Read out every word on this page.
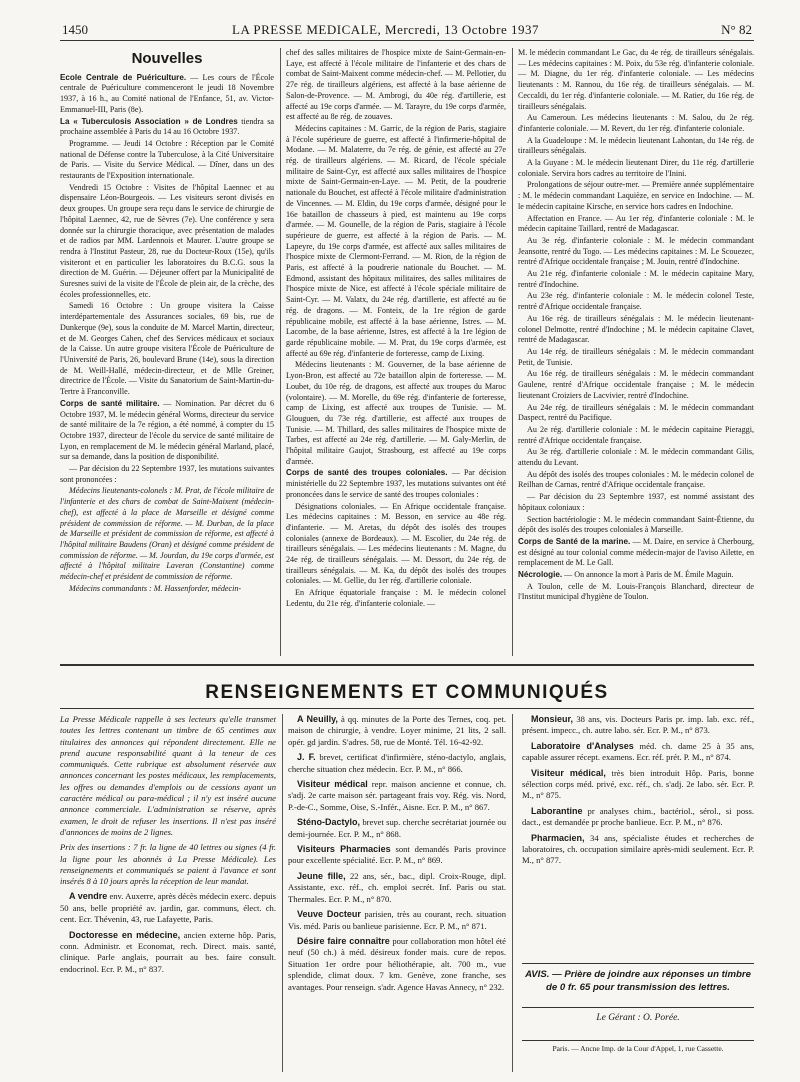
1450	LA PRESSE MEDICALE, Mercredi, 13 Octobre 1937	N° 82
Nouvelles

Ecole Centrale de Puériculture. — Les cours de l'École centrale de Puériculture commenceront le jeudi 18 Novembre 1937, à 16 h., au Comité national de l'Enfance, 51, av. Victor-Emmanuel-III, Paris (8e).

La « Tuberculosis Association » de Londres tiendra sa prochaine assemblée à Paris du 14 au 16 Octobre 1937.

Programme. — Jeudi 14 Octobre : Réception par le Comité national de Défense contre la Tuberculose, à la Cité Universitaire de Paris. — Visite du Service Médical. — Dîner, dans un des restaurants de l'Exposition internationale.

Vendredi 15 Octobre : Visites de l'hôpital Laennec et au dispensaire Léon-Bourgeois. — Les visiteurs seront divisés en deux groupes. Un groupe sera reçu dans le service de chirurgie de l'hôpital Laennec, 42, rue de Sèvres (7e). Une conférence y sera donnée sur la chirurgie thoracique, avec présentation de malades et de radios par MM. Lardennois et Maurer. L'autre groupe se rendra à l'Institut Pasteur, 28, rue du Docteur-Roux (15e), qu'ils visiteront et en particulier les laboratoires du B.C.G. sous la direction de M. Guérin. — Déjeuner offert par la Municipalité de Suresnes suivi de la visite de l'École de plein air, de la crèche, des écoles professionnelles, etc.

Samedi 16 Octobre : Un groupe visitera la Caisse interdépartementale des Assurances sociales, 69 bis, rue de Dunkerque (9e), sous la conduite de M. Marcel Martin, directeur, et de M. Georges Cahen, chef des Services médicaux et sociaux de la Caisse. Un autre groupe visitera l'École de Puériculture de l'Université de Paris, 26, boulevard Brune (14e), sous la direction de M. Weill-Hallé, médecin-directeur, et de Mlle Greiner, directrice de l'École. — Visite du Sanatorium de Saint-Martin-du-Tertre à Franconville.

Corps de santé militaire. — Nomination. Par décret du 6 Octobre 1937, M. le médecin général Worms, directeur du service de santé militaire de la 7e région, a été nommé, à compter du 15 Octobre 1937, directeur de l'école du service de santé militaire de Lyon, en remplacement de M. le médecin général Marland, placé, sur sa demande, dans la position de disponibilité.

— Par décision du 22 Septembre 1937, les mutations suivantes sont prononcées :

Médecins lieutenants-colonels : M. Prat, de l'école militaire de l'infanterie et des chars de combat de Saint-Maixent (médecin-chef), est affecté à la place de Marseille et désigné comme président de commission de réforme. — M. Durban, de la place de Marseille et président de commission de réforme, est affecté à l'hôpital militaire Baudens (Oran) et désigné comme président de commission de réforme. — M. Jourdan, du 19e corps d'armée, est affecté à l'hôpital militaire Laveran (Constantine) comme médecin-chef et président de commission de réforme.

Médecins commandants : M. Hassenforder, médecin-

chef des salles militaires de l'hospice mixte de Saint-Germain-en-Laye, est affecté à l'école militaire de l'infanterie et des chars de combat de Saint-Maixent comme médecin-chef. — M. Pellotier, du 27e rég. de tirailleurs algériens, est affecté à la base aérienne de Salon-de-Provence. — M. Ambrogi, du 40e rég. d'artillerie, est affecté au 19e corps d'armée. — M. Tarayre, du 19e corps d'armée, est affecté au 8e rég. de zouaves.

Médecins capitaines : M. Garric, de la région de Paris, stagiaire à l'école supérieure de guerre, est affecté à l'infirmerie-hôpital de Modane. — M. Malaterre, du 7e rég. de génie, est affecté au 27e rég. de tirailleurs algériens. — M. Ricard, de l'école spéciale militaire de Saint-Cyr, est affecté aux salles militaires de l'hospice mixte de Saint-Germain-en-Laye. — M. Petit, de la poudrerie nationale du Bouchet, est affecté à l'école militaire d'administration de Vincennes. — M. Eldin, du 19e corps d'armée, désigné pour le 16e bataillon de chasseurs à pied, est maintenu au 19e corps d'armée. — M. Gounelle, de la région de Paris, stagiaire à l'école supérieure de guerre, est affecté à la région de Paris. — M. Lapeyre, du 19e corps d'armée, est affecté aux salles militaires de l'hospice mixte de Clermont-Ferrand. — M. Rion, de la région de Paris, est affecté à la poudrerie nationale du Bouchet. — M. Edmond, assistant des hôpitaux militaires, des salles militaires de l'hospice mixte de Nice, est affecté à l'école spéciale militaire de Saint-Cyr. — M. Valatx, du 24e rég. d'artillerie, est affecté au 6e rég. de dragons. — M. Fonteix, de la 1re région de garde républicaine mobile, est affecté à la base aérienne, Istres. — M. Lacombe, de la base aérienne, Istres, est affecté à la 1re légion de garde républicaine mobile. — M. Prat, du 19e corps d'armée, est affecté au 69e rég. d'infanterie de forteresse, camp de Lixing.

Médecins lieutenants : M. Gouverner, de la base aérienne de Lyon-Bron, est affecté au 72e bataillon alpin de forteresse. — M. Loubet, du 10e rég. de dragons, est affecté aux troupes du Maroc (volontaire). — M. Morelle, du 69e rég. d'infanterie de forteresse, camp de Lixing, est affecté aux troupes de Tunisie. — M. Glouguen, du 73e rég. d'artillerie, est affecté aux troupes de Tunisie. — M. Thillard, des salles militaires de l'hospice mixte de Tarbes, est affecté au 24e rég. d'artillerie. — M. Galy-Merlin, de l'hôpital militaire Gaujot, Strasbourg, est affecté au 19e corps d'armée.

Corps de santé des troupes coloniales. — Par décision ministérielle du 22 Septembre 1937, les mutations suivantes ont été prononcées dans le service de santé des troupes coloniales :

Désignations coloniales. — En Afrique occidentale française. Les médecins capitaines : M. Besson, en service au 48e rég. d'infanterie. — M. Aretas, du dépôt des isolés des troupes coloniales (annexe de Bordeaux). — M. Escolier, du 24e rég. de tirailleurs sénégalais. — Les médecins lieutenants : M. Magne, du 24e rég. de tirailleurs sénégalais. — M. Dessort, du 24e rég. de tirailleurs sénégalais. — M. Ka, du dépôt des isolés des troupes coloniales. — M. Gellie, du 1er rég. d'artillerie coloniale.

En Afrique équatoriale française : M. le médecin colonel Ledentu, du 21e rég. d'infanterie coloniale. —

M. le médecin commandant Le Gac, du 4e rég. de tirailleurs sénégalais. — Les médecins capitaines : M. Poix, du 53e rég. d'infanterie coloniale. — M. Diagne, du 1er rég. d'infanterie coloniale. — Les médecins lieutenants : M. Rannou, du 16e rég. de tirailleurs sénégalais. — M. Ceccaldi, du 1er rég. d'infanterie coloniale. — M. Ratier, du 16e rég. de tirailleurs sénégalais.

Au Cameroun. Les médecins lieutenants : M. Salou, du 2e rég. d'infanterie coloniale. — M. Revert, du 1er rég. d'infanterie coloniale.

A la Guadeloupe : M. le médecin lieutenant Lahontan, du 14e rég. de tirailleurs sénégalais.

A la Guyane : M. le médecin lieutenant Direr, du 11e rég. d'artillerie coloniale. Servira hors cadres au territoire de l'Inini.

Prolongations de séjour outre-mer. — Première année supplémentaire : M. le médecin commandant Laquièze, en service en Indochine. — M. le médecin capitaine Kirsche, en service hors cadres en Indochine.

Affectation en France. — Au 1er rég. d'infanterie coloniale : M. le médecin capitaine Taillard, rentré de Madagascar.

Au 3e rég. d'infanterie coloniale : M. le médecin commandant Jeansotte, rentré du Togo. — Les médecins capitaines : M. Le Scouezec, rentré d'Afrique occidentale française ; M. Jouin, rentré d'Indochine.

Au 21e rég. d'infanterie coloniale : M. le médecin capitaine Mary, rentré d'Indochine.

Au 23e rég. d'infanterie coloniale : M. le médecin colonel Teste, rentré d'Afrique occidentale française.

Au 16e rég. de tirailleurs sénégalais : M. le médecin lieutenant-colonel Delmotte, rentré d'Indochine ; M. le médecin capitaine Clavet, rentré de Madagascar.

Au 14e rég. de tirailleurs sénégalais : M. le médecin commandant Petit, de Tunisie.

Au 16e rég. de tirailleurs sénégalais : M. le médecin commandant Gaulene, rentré d'Afrique occidentale française ; M. le médecin lieutenant Croiziers de Lacvivier, rentré d'Indochine.

Au 24e rég. de tirailleurs sénégalais : M. le médecin commandant Daspect, rentré du Pacifique.

Au 2e rég. d'artillerie coloniale : M. le médecin capitaine Pieraggi, rentré d'Afrique occidentale française.

Au 3e rég. d'artillerie coloniale : M. le médecin commandant Gilis, attendu du Levant.

Au dépôt des isolés des troupes coloniales : M. le médecin colonel de Reilhan de Carnas, rentré d'Afrique occidentale française.

— Par décision du 23 Septembre 1937, est nommé assistant des hôpitaux coloniaux :

Section bactériologie : M. le médecin commandant Saint-Étienne, du dépôt des isolés des troupes coloniales à Marseille.

Corps de Santé de la marine. — M. Daire, en service à Cherbourg, est désigné au tour colonial comme médecin-major de l'aviso Ailette, en remplacement de M. Le Gall.

Nécrologie. — On annonce la mort à Paris de M. Émile Maguin.

A Toulon, celle de M. Louis-François Blanchard, directeur de l'Institut municipal d'hygiène de Toulon.

RENSEIGNEMENTS ET COMMUNIQUÉS

La Presse Médicale rappelle à ses lecteurs qu'elle transmet toutes les lettres contenant un timbre de 65 centimes aux titulaires des annonces qui répondent directement. Elle ne prend aucune responsabilité quant à la teneur de ces communiqués. Cette rubrique est absolument réservée aux annonces concernant les postes médicaux, les remplacements, les offres ou demandes d'emplois ou de cessions ayant un caractère médical ou para-médical ; il n'y est inséré aucune annonce commerciale. L'administration se réserve, après examen, le droit de refuser les insertions. Il n'est pas inséré d'annonces de moins de 2 lignes.

Prix des insertions : 7 fr. la ligne de 40 lettres ou signes (4 fr. la ligne pour les abonnés à La Presse Médicale). Les renseignements et communiqués se paient à l'avance et sont insérés 8 à 10 jours après la réception de leur mandat.

A vendre env. Auxerre, après décès médecin exerc. depuis 50 ans, belle propriété av. jardin, gar. communs, élect. ch. cent. Ecr. Thévenin, 43, rue Lafayette, Paris.

Doctoresse en médecine, ancien externe hôp. Paris, conn. Administr. et Economat, rech. Direct. mais. santé, clinique. Parle anglais, pourrait au bes. faire consult. endocrinol. Ecr. P. M., n° 837.

A Neuilly, à qq. minutes de la Porte des Ternes, coq. pet. maison de chirurgie, à vendre. Loyer minime, 21 lits, 2 sall. opér. gd jardin. S'adres. 58, rue de Monté. Tél. 16-42-92.

J. F. brevet, certificat d'infirmière, sténo-dactylo, anglais, cherche situation chez médecin. Ecr. P. M., n° 866.

Visiteur médical repr. maison ancienne et connue, ch. s'adj. 2e carte maison sér. partageant frais voy. Rég. vis. Nord, P.-de-C., Somme, Oise, S.-Infér., Aisne. Ecr. P. M., n° 867.

Sténo-Dactylo, brevet sup. cherche secrétariat journée ou demi-journée. Ecr. P. M., n° 868.

Visiteurs Pharmacies sont demandés Paris province pour excellente spécialité. Ecr. P. M., n° 869.

Jeune fille, 22 ans, sér., bac., dipl. Croix-Rouge, dipl. Assistante, exc. réf., ch. emploi secrét. Inf. Paris ou stat. Thermales. Ecr. P. M., n° 870.

Veuve Docteur parisien, très au courant, rech. situation Vis. méd. Paris ou banlieue parisienne. Ecr. P. M., n° 871.

Désire faire connaître pour collaboration mon hôtel été neuf (50 ch.) à méd. désireux fonder mais. cure de repos. Situation 1er ordre pour héliothérapie, alt. 700 m., vue splendide, climat doux. 7 km. Genève, zone franche, ses avantages. Pour renseign. s'adr. Agence Havas Annecy, n° 232.

Monsieur, 38 ans, vis. Docteurs Paris pr. imp. lab. exc. réf., présent. impecc., ch. autre labo. sér. Ecr. P. M., n° 873.

Laboratoire d'Analyses méd. ch. dame 25 à 35 ans, capable assurer récept. examens. Ecr. réf. prét. P. M., n° 874.

Visiteur médical, très bien introduit Hôp. Paris, bonne sélection corps méd. privé, exc. réf., ch. s'adj. 2e labo. sér. Ecr. P. M., n° 875.

Laborantine pr analyses chim., bactériol., sérol., si poss. dact., est demandée pr proche banlieue. Ecr. P. M., n° 876.

Pharmacien, 34 ans, spécialiste études et recherches de laboratoires, ch. occupation similaire après-midi seulement. Ecr. P. M., n° 877.

AVIS. — Prière de joindre aux réponses un timbre de 0 fr. 65 pour transmission des lettres.
Le Gérant : O. Porée.
Paris. — Ancne Imp. de la Cour d'Appel, 1, rue Cassette.
